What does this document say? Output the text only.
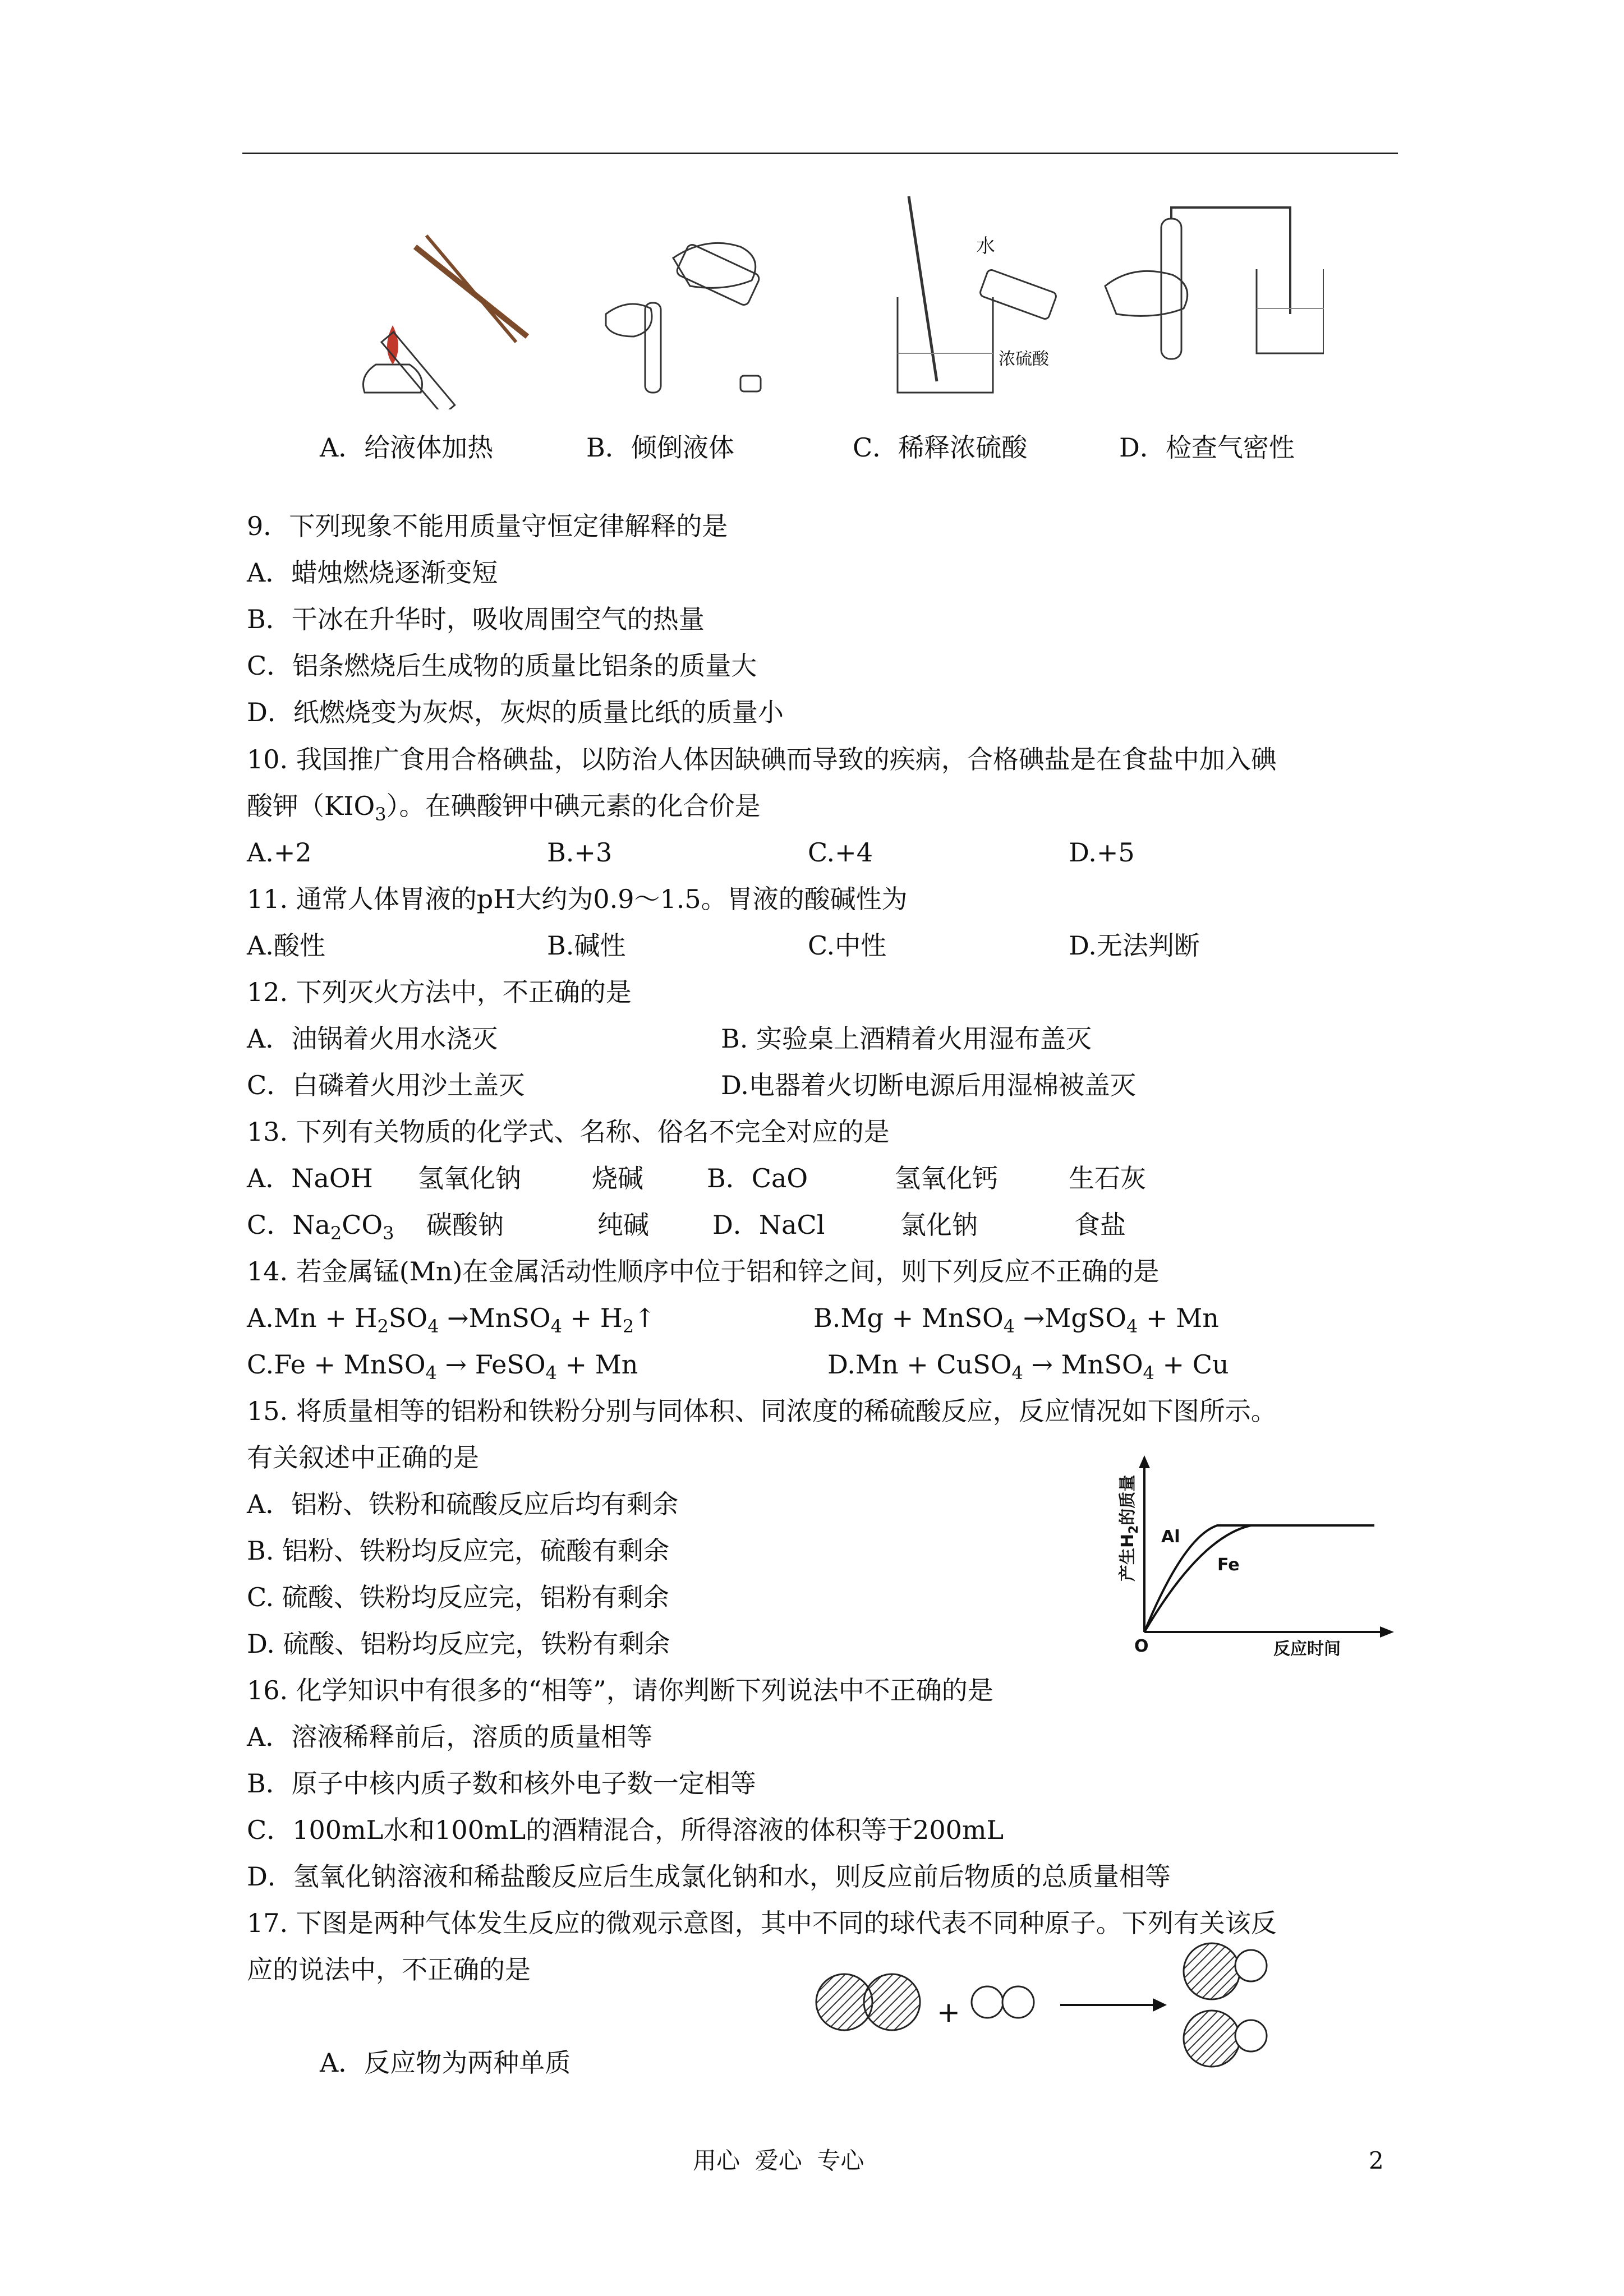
水
浓硫酸
A．给液体加热	B．倾倒液体	C．稀释浓硫酸	D．检查气密性
9．下列现象不能用质量守恒定律解释的是
A．蜡烛燃烧逐渐变短
B．干冰在升华时，吸收周围空气的热量
C．铝条燃烧后生成物的质量比铝条的质量大
D．纸燃烧变为灰烬，灰烬的质量比纸的质量小
10. 我国推广食用合格碘盐，以防治人体因缺碘而导致的疾病，合格碘盐是在食盐中加入碘
酸钾$(KIO_3)$。在碘酸钾中碘元素的化合价是
A.+2	B.+3	C.+4	D.+5
11. 通常人体胃液的pH大约为0.9～1.5。胃液的酸碱性为
A.酸性	B.碱性	C.中性	D.无法判断
12. 下列灭火方法中，不正确的是
A．油锅着火用水浇灭	B. 实验桌上酒精着火用湿布盖灭
C．白磷着火用沙土盖灭	D.电器着火切断电源后用湿棉被盖灭
13. 下列有关物质的化学式、名称、俗名不完全对应的是
A．NaOH 氢氧化钠	烧碱 B．CaO	氢氧化钙	生石灰
C．$Na_2CO_3$ 碳酸钠	纯碱 D．NaCl	氯化钠	食盐
14. 若金属锰(Mn)在金属活动性顺序中位于铝和锌之间，则下列反应不正确的是
$A.Mn + H_2SO_4$ →MnSO$_4$ + $H_2↑$	B.Mg + MnSO$_4$ →MgSO$_4$ + Mn
C.Fe + MnSO$_4$ → FeSO$_4$ + Mn	D.Mn + CuSO$_4$ → MnSO$_4$ + Cu
15. 将质量相等的铝粉和铁粉分别与同体积、同浓度的稀硫酸反应，反应情况如下图所示。
有关叙述中正确的是
A．铝粉、铁粉和硫酸反应后均有剩余
B. 铝粉、铁粉均反应完，硫酸有剩余
C. 硫酸、铁粉均反应完，铝粉有剩余
D. 硫酸、铝粉均反应完，铁粉有剩余
产生$H_2$的质量
Al
Fe
O	反应时间
16. 化学知识中有很多的“相等”，请你判断下列说法中不正确的是
A．溶液稀释前后，溶质的质量相等
B．原子中核内质子数和核外电子数一定相等
C．100mL水和100mL的酒精混合，所得溶液的体积等于200mL
D．氢氧化钠溶液和稀盐酸反应后生成氯化钠和水，则反应前后物质的总质量相等
17. 下图是两种气体发生反应的微观示意图，其中不同的球代表不同种原子。下列有关该反
应的说法中，不正确的是
+
A．反应物为两种单质
用心  爱心  专心	2
